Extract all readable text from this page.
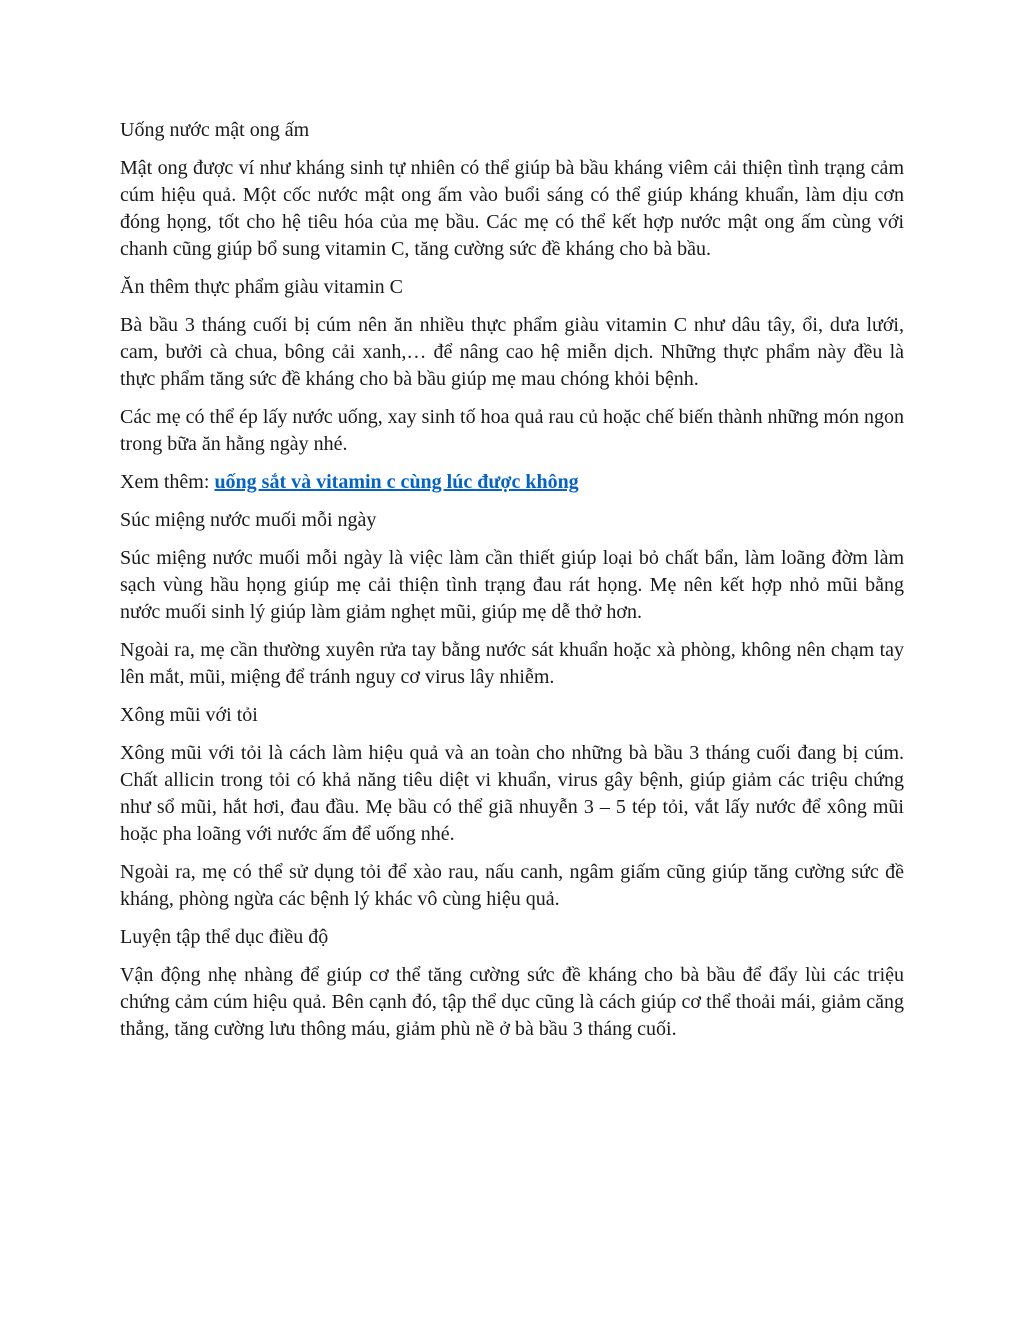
Uống nước mật ong ấm

Mật ong được ví như kháng sinh tự nhiên có thể giúp bà bầu kháng viêm cải thiện tình trạng cảm cúm hiệu quả. Một cốc nước mật ong ấm vào buổi sáng có thể giúp kháng khuẩn, làm dịu cơn đóng họng, tốt cho hệ tiêu hóa của mẹ bầu. Các mẹ có thể kết hợp nước mật ong ấm cùng với chanh cũng giúp bổ sung vitamin C, tăng cường sức đề kháng cho bà bầu.

Ăn thêm thực phẩm giàu vitamin C

Bà bầu 3 tháng cuối bị cúm nên ăn nhiều thực phẩm giàu vitamin C như dâu tây, ổi, dưa lưới, cam, bưởi cà chua, bông cải xanh,… để nâng cao hệ miễn dịch. Những thực phẩm này đều là thực phẩm tăng sức đề kháng cho bà bầu giúp mẹ mau chóng khỏi bệnh.

Các mẹ có thể ép lấy nước uống, xay sinh tố hoa quả rau củ hoặc chế biến thành những món ngon trong bữa ăn hằng ngày nhé.

Xem thêm: uống sắt và vitamin c cùng lúc được không

Súc miệng nước muối mỗi ngày

Súc miệng nước muối mỗi ngày là việc làm cần thiết giúp loại bỏ chất bẩn, làm loãng đờm làm sạch vùng hầu họng giúp mẹ cải thiện tình trạng đau rát họng. Mẹ nên kết hợp nhỏ mũi bằng nước muối sinh lý giúp làm giảm nghẹt mũi, giúp mẹ dễ thở hơn.

Ngoài ra, mẹ cần thường xuyên rửa tay bằng nước sát khuẩn hoặc xà phòng, không nên chạm tay lên mắt, mũi, miệng để tránh nguy cơ virus lây nhiễm.

Xông mũi với tỏi

Xông mũi với tỏi là cách làm hiệu quả và an toàn cho những bà bầu 3 tháng cuối đang bị cúm. Chất allicin trong tỏi có khả năng tiêu diệt vi khuẩn, virus gây bệnh, giúp giảm các triệu chứng như sổ mũi, hắt hơi, đau đầu. Mẹ bầu có thể giã nhuyễn 3 – 5 tép tỏi, vắt lấy nước để xông mũi hoặc pha loãng với nước ấm để uống nhé.

Ngoài ra, mẹ có thể sử dụng tỏi để xào rau, nấu canh, ngâm giấm cũng giúp tăng cường sức đề kháng, phòng ngừa các bệnh lý khác vô cùng hiệu quả.

Luyện tập thể dục điều độ

Vận động nhẹ nhàng để giúp cơ thể tăng cường sức đề kháng cho bà bầu để đẩy lùi các triệu chứng cảm cúm hiệu quả. Bên cạnh đó, tập thể dục cũng là cách giúp cơ thể thoải mái, giảm căng thẳng, tăng cường lưu thông máu, giảm phù nề ở bà bầu 3 tháng cuối.
